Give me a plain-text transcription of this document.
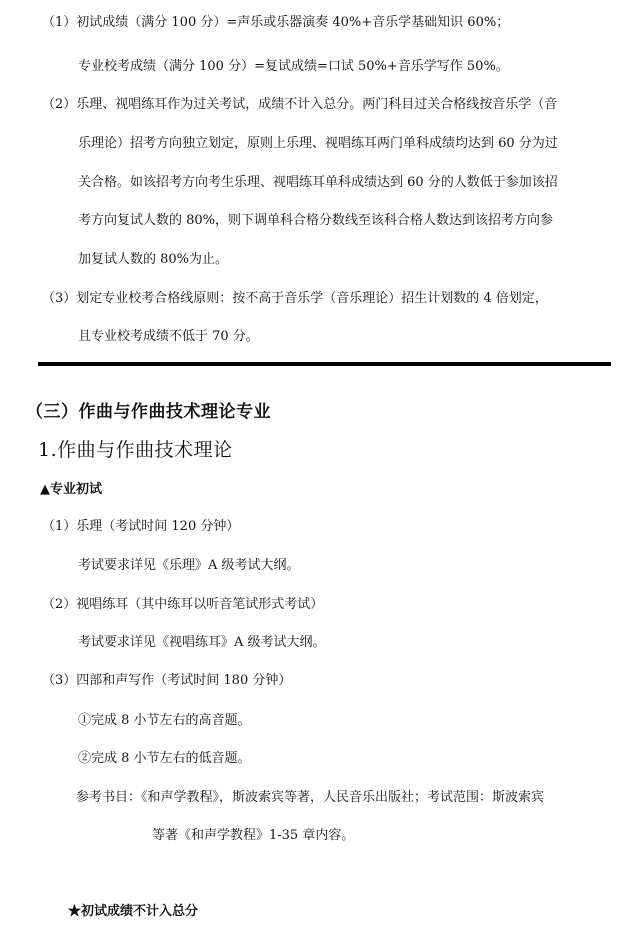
（1）初试成绩（满分 100 分）=声乐或乐器演奏 40%+音乐学基础知识 60%；
专业校考成绩（满分 100 分）=复试成绩=口试 50%+音乐学写作 50%。
（2）乐理、视唱练耳作为过关考试，成绩不计入总分。两门科目过关合格线按音乐学（音
乐理论）招考方向独立划定，原则上乐理、视唱练耳两门单科成绩均达到 60 分为过
关合格。如该招考方向考生乐理、视唱练耳单科成绩达到 60 分的人数低于参加该招
考方向复试人数的 80%，则下调单科合格分数线至该科合格人数达到该招考方向参
加复试人数的 80%为止。
（3）划定专业校考合格线原则：按不高于音乐学（音乐理论）招生计划数的 4 倍划定，
且专业校考成绩不低于 70 分。
（三）作曲与作曲技术理论专业
1.作曲与作曲技术理论
▲专业初试
（1）乐理（考试时间 120 分钟）
考试要求详见《乐理》A 级考试大纲。
（2）视唱练耳（其中练耳以听音笔试形式考试）
考试要求详见《视唱练耳》A 级考试大纲。
（3）四部和声写作（考试时间 180 分钟）
①完成 8 小节左右的高音题。
②完成 8 小节左右的低音题。
参考书目：《和声学教程》，斯波索宾等著，人民音乐出版社；考试范围：斯波索宾
等著《和声学教程》1-35 章内容。
★初试成绩不计入总分
